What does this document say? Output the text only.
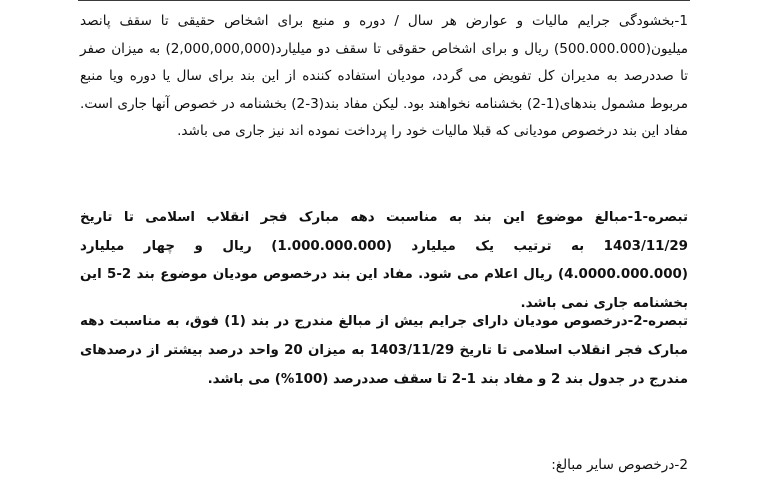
1-بخشودگی جرایم مالیات و عوارض هر سال / دوره و منبع برای اشخاص حقیقی تا سقف پانصد میلیون(500.000.000) ریال و برای اشخاص حقوقی تا سقف دو میلیارد(2,000,000,000) به میزان صفر تا صددرصد به مدیران کل تفویض می گردد، مودیان استفاده کننده از این بند برای سال یا دوره ویا منبع مربوط مشمول بندهای(1-2) بخشنامه نخواهند بود. لیکن مفاد بند(3-2) بخشنامه در خصوص آنها جاری است. مفاد این بند درخصوص مودیانی که قبلا مالیات خود را پرداخت نموده اند نیز جاری می باشد.

تبصره-1-مبالغ موضوع این بند به مناسبت دهه مبارک فجر انقلاب اسلامی تا تاریخ 1403/11/29 به ترتیب یک میلیارد (1.000.000.000) ریال و چهار میلیارد (4.0000.000.000) ریال اعلام می شود. مفاد این بند درخصوص مودیان موضوع بند 2-5 این بخشنامه جاری نمی باشد.

تبصره-2-درخصوص مودیان دارای جرایم بیش از مبالغ مندرج در بند (1) فوق، به مناسبت دهه مبارک فجر انقلاب اسلامی تا تاریخ 1403/11/29 به میزان 20 واحد درصد بیشتر از درصدهای مندرج در جدول بند 2 و مفاد بند 1-2 تا سقف صددرصد (100%) می باشد.

2-درخصوص سایر مبالغ:
